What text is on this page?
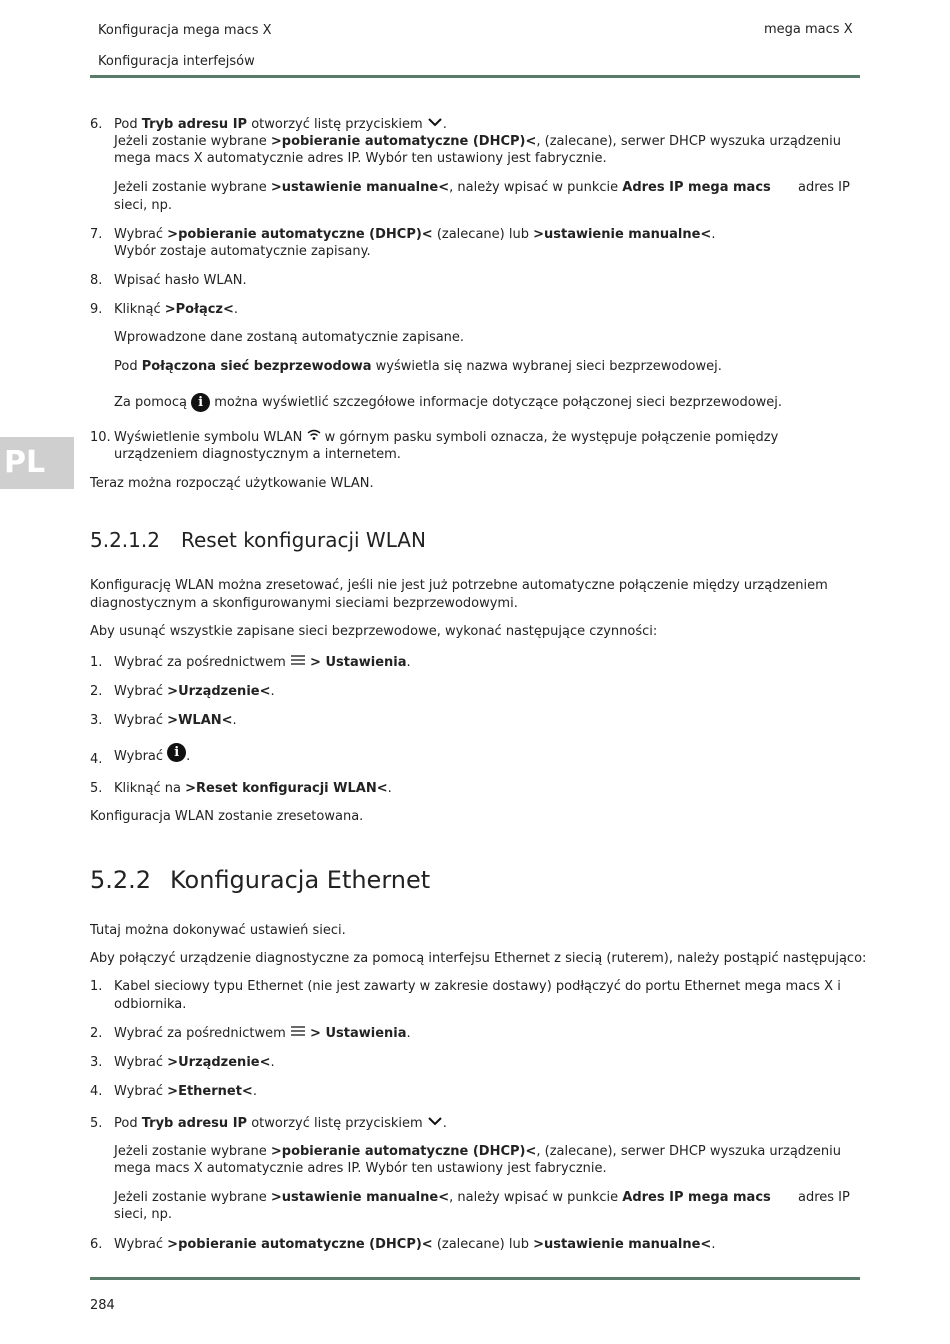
Konfiguracja mega macs X
Konfiguracja interfejsów
mega macs X
PL
6. Pod Tryb adresu IP otworzyć listę przyciskiem .
Jeżeli zostanie wybrane >pobieranie automatyczne (DHCP)<, (zalecane), serwer DHCP wyszuka urządzeniu
mega macs X automatycznie adres IP. Wybór ten ustawiony jest fabrycznie.
Jeżeli zostanie wybrane >ustawienie manualne<, należy wpisać w punkcie Adres IP mega macs adres IP
sieci, np.
7. Wybrać >pobieranie automatyczne (DHCP)< (zalecane) lub >ustawienie manualne<.
Wybór zostaje automatycznie zapisany.
8. Wpisać hasło WLAN.
9. Kliknąć >Połącz<.
Wprowadzone dane zostaną automatycznie zapisane.
Pod Połączona sieć bezprzewodowa wyświetla się nazwa wybranej sieci bezprzewodowej.
Za pomocą i można wyświetlić szczegółowe informacje dotyczące połączonej sieci bezprzewodowej.
10. Wyświetlenie symbolu WLAN  w górnym pasku symboli oznacza, że występuje połączenie pomiędzy
urządzeniem diagnostycznym a internetem.
Teraz można rozpocząć użytkowanie WLAN.
5.2.1.2 Reset konfiguracji WLAN
Konfigurację WLAN można zresetować, jeśli nie jest już potrzebne automatyczne połączenie między urządzeniem
diagnostycznym a skonfigurowanymi sieciami bezprzewodowymi.
Aby usunąć wszystkie zapisane sieci bezprzewodowe, wykonać następujące czynności:
1. Wybrać za pośrednictwem  > Ustawienia.
2. Wybrać >Urządzenie<.
3. Wybrać >WLAN<.
4. Wybrać i .
5. Kliknąć na >Reset konfiguracji WLAN<.
Konfiguracja WLAN zostanie zresetowana.
5.2.2 Konfiguracja Ethernet
Tutaj można dokonywać ustawień sieci.
Aby połączyć urządzenie diagnostyczne za pomocą interfejsu Ethernet z siecią (ruterem), należy postąpić następująco:
1. Kabel sieciowy typu Ethernet (nie jest zawarty w zakresie dostawy) podłączyć do portu Ethernet mega macs X i
odbiornika.
2. Wybrać za pośrednictwem  > Ustawienia.
3. Wybrać >Urządzenie<.
4. Wybrać >Ethernet<.
5. Pod Tryb adresu IP otworzyć listę przyciskiem .
Jeżeli zostanie wybrane >pobieranie automatyczne (DHCP)<, (zalecane), serwer DHCP wyszuka urządzeniu
mega macs X automatycznie adres IP. Wybór ten ustawiony jest fabrycznie.
Jeżeli zostanie wybrane >ustawienie manualne<, należy wpisać w punkcie Adres IP mega macs adres IP
sieci, np.
6. Wybrać >pobieranie automatyczne (DHCP)< (zalecane) lub >ustawienie manualne<.
284
